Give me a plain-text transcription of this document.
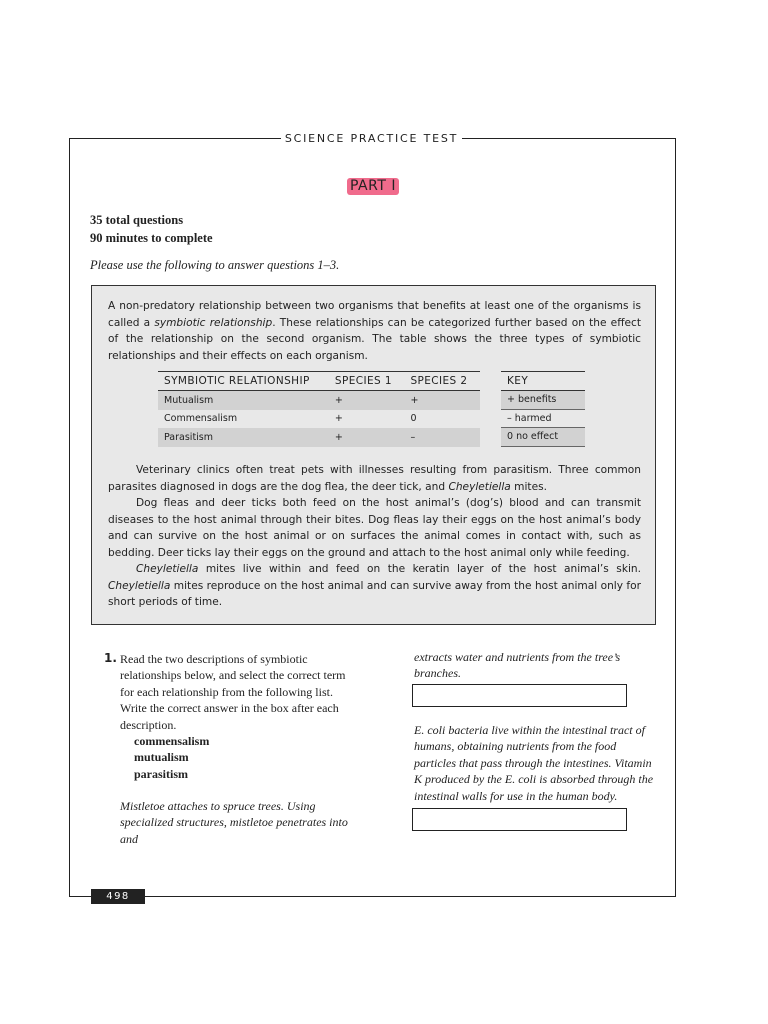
SCIENCE PRACTICE TEST
PART I
35 total questions
90 minutes to complete
Please use the following to answer questions 1–3.
A non-predatory relationship between two organisms that benefits at least one of the organisms is called a symbiotic relationship. These relationships can be categorized further based on the effect of the relationship on the second organism. The table shows the three types of symbiotic relationships and their effects on each organism.
SYMBIOTIC RELATIONSHIP	SPECIES 1	SPECIES 2
Mutualism	+	+
Commensalism	+	0
Parasitism	+	–
KEY
+ benefits
– harmed
0 no effect

Veterinary clinics often treat pets with illnesses resulting from parasitism. Three common parasites diagnosed in dogs are the dog flea, the deer tick, and Cheyletiella mites.

Dog fleas and deer ticks both feed on the host animal’s (dog’s) blood and can transmit diseases to the host animal through their bites. Dog fleas lay their eggs on the host animal’s body and can survive on the host animal or on surfaces the animal comes in contact with, such as bedding. Deer ticks lay their eggs on the ground and attach to the host animal only while feeding.

Cheyletiella mites live within and feed on the keratin layer of the host animal’s skin. Cheyletiella mites reproduce on the host animal and can survive away from the host animal only for short periods of time.

1. Read the two descriptions of symbiotic relationships below, and select the correct term for each relationship from the following list. Write the correct answer in the box after each description.
commensalism
mutualism
parasitism
Mistletoe attaches to spruce trees. Using specialized structures, mistletoe penetrates into and
extracts water and nutrients from the tree’s branches.
E. coli bacteria live within the intestinal tract of humans, obtaining nutrients from the food particles that pass through the intestines. Vitamin K produced by the E. coli is absorbed through the intestinal walls for use in the human body.
498
